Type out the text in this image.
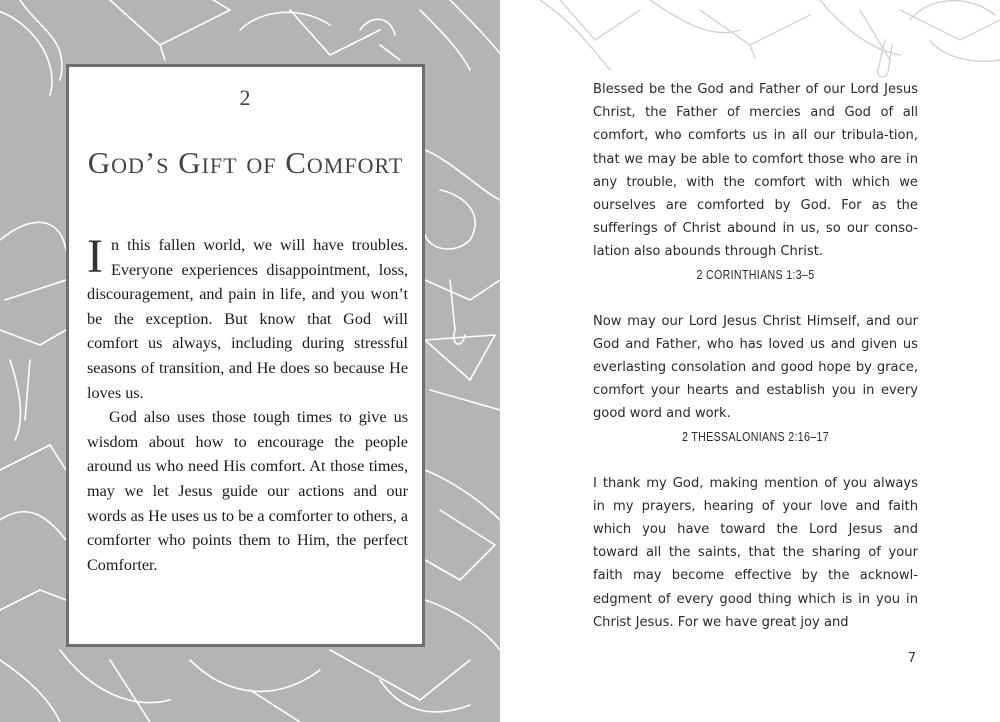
2
God’s Gift of Comfort

In this fallen world, we will have troubles. Everyone experiences disappointment, loss, discouragement, and pain in life, and you won’t be the exception. But know that God will comfort us always, including during stressful seasons of transition, and He does so because He loves us.

God also uses those tough times to give us wisdom about how to encourage the people around us who need His comfort. At those times, may we let Jesus guide our actions and our words as He uses us to be a comforter to others, a comforter who points them to Him, the perfect Comforter.

Blessed be the God and Father of our Lord Jesus Christ, the Father of mercies and God of all comfort, who comforts us in all our tribula-tion, that we may be able to comfort those who are in any trouble, with the comfort with which we ourselves are comforted by God. For as the sufferings of Christ abound in us, so our conso-lation also abounds through Christ.

2 CORINTHIANS 1:3–5

Now may our Lord Jesus Christ Himself, and our God and Father, who has loved us and given us everlasting consolation and good hope by grace, comfort your hearts and establish you in every good word and work.

2 THESSALONIANS 2:16–17

I thank my God, making mention of you always in my prayers, hearing of your love and faith which you have toward the Lord Jesus and toward all the saints, that the sharing of your faith may become effective by the acknowl-edgment of every good thing which is in you in Christ Jesus. For we have great joy and

7
